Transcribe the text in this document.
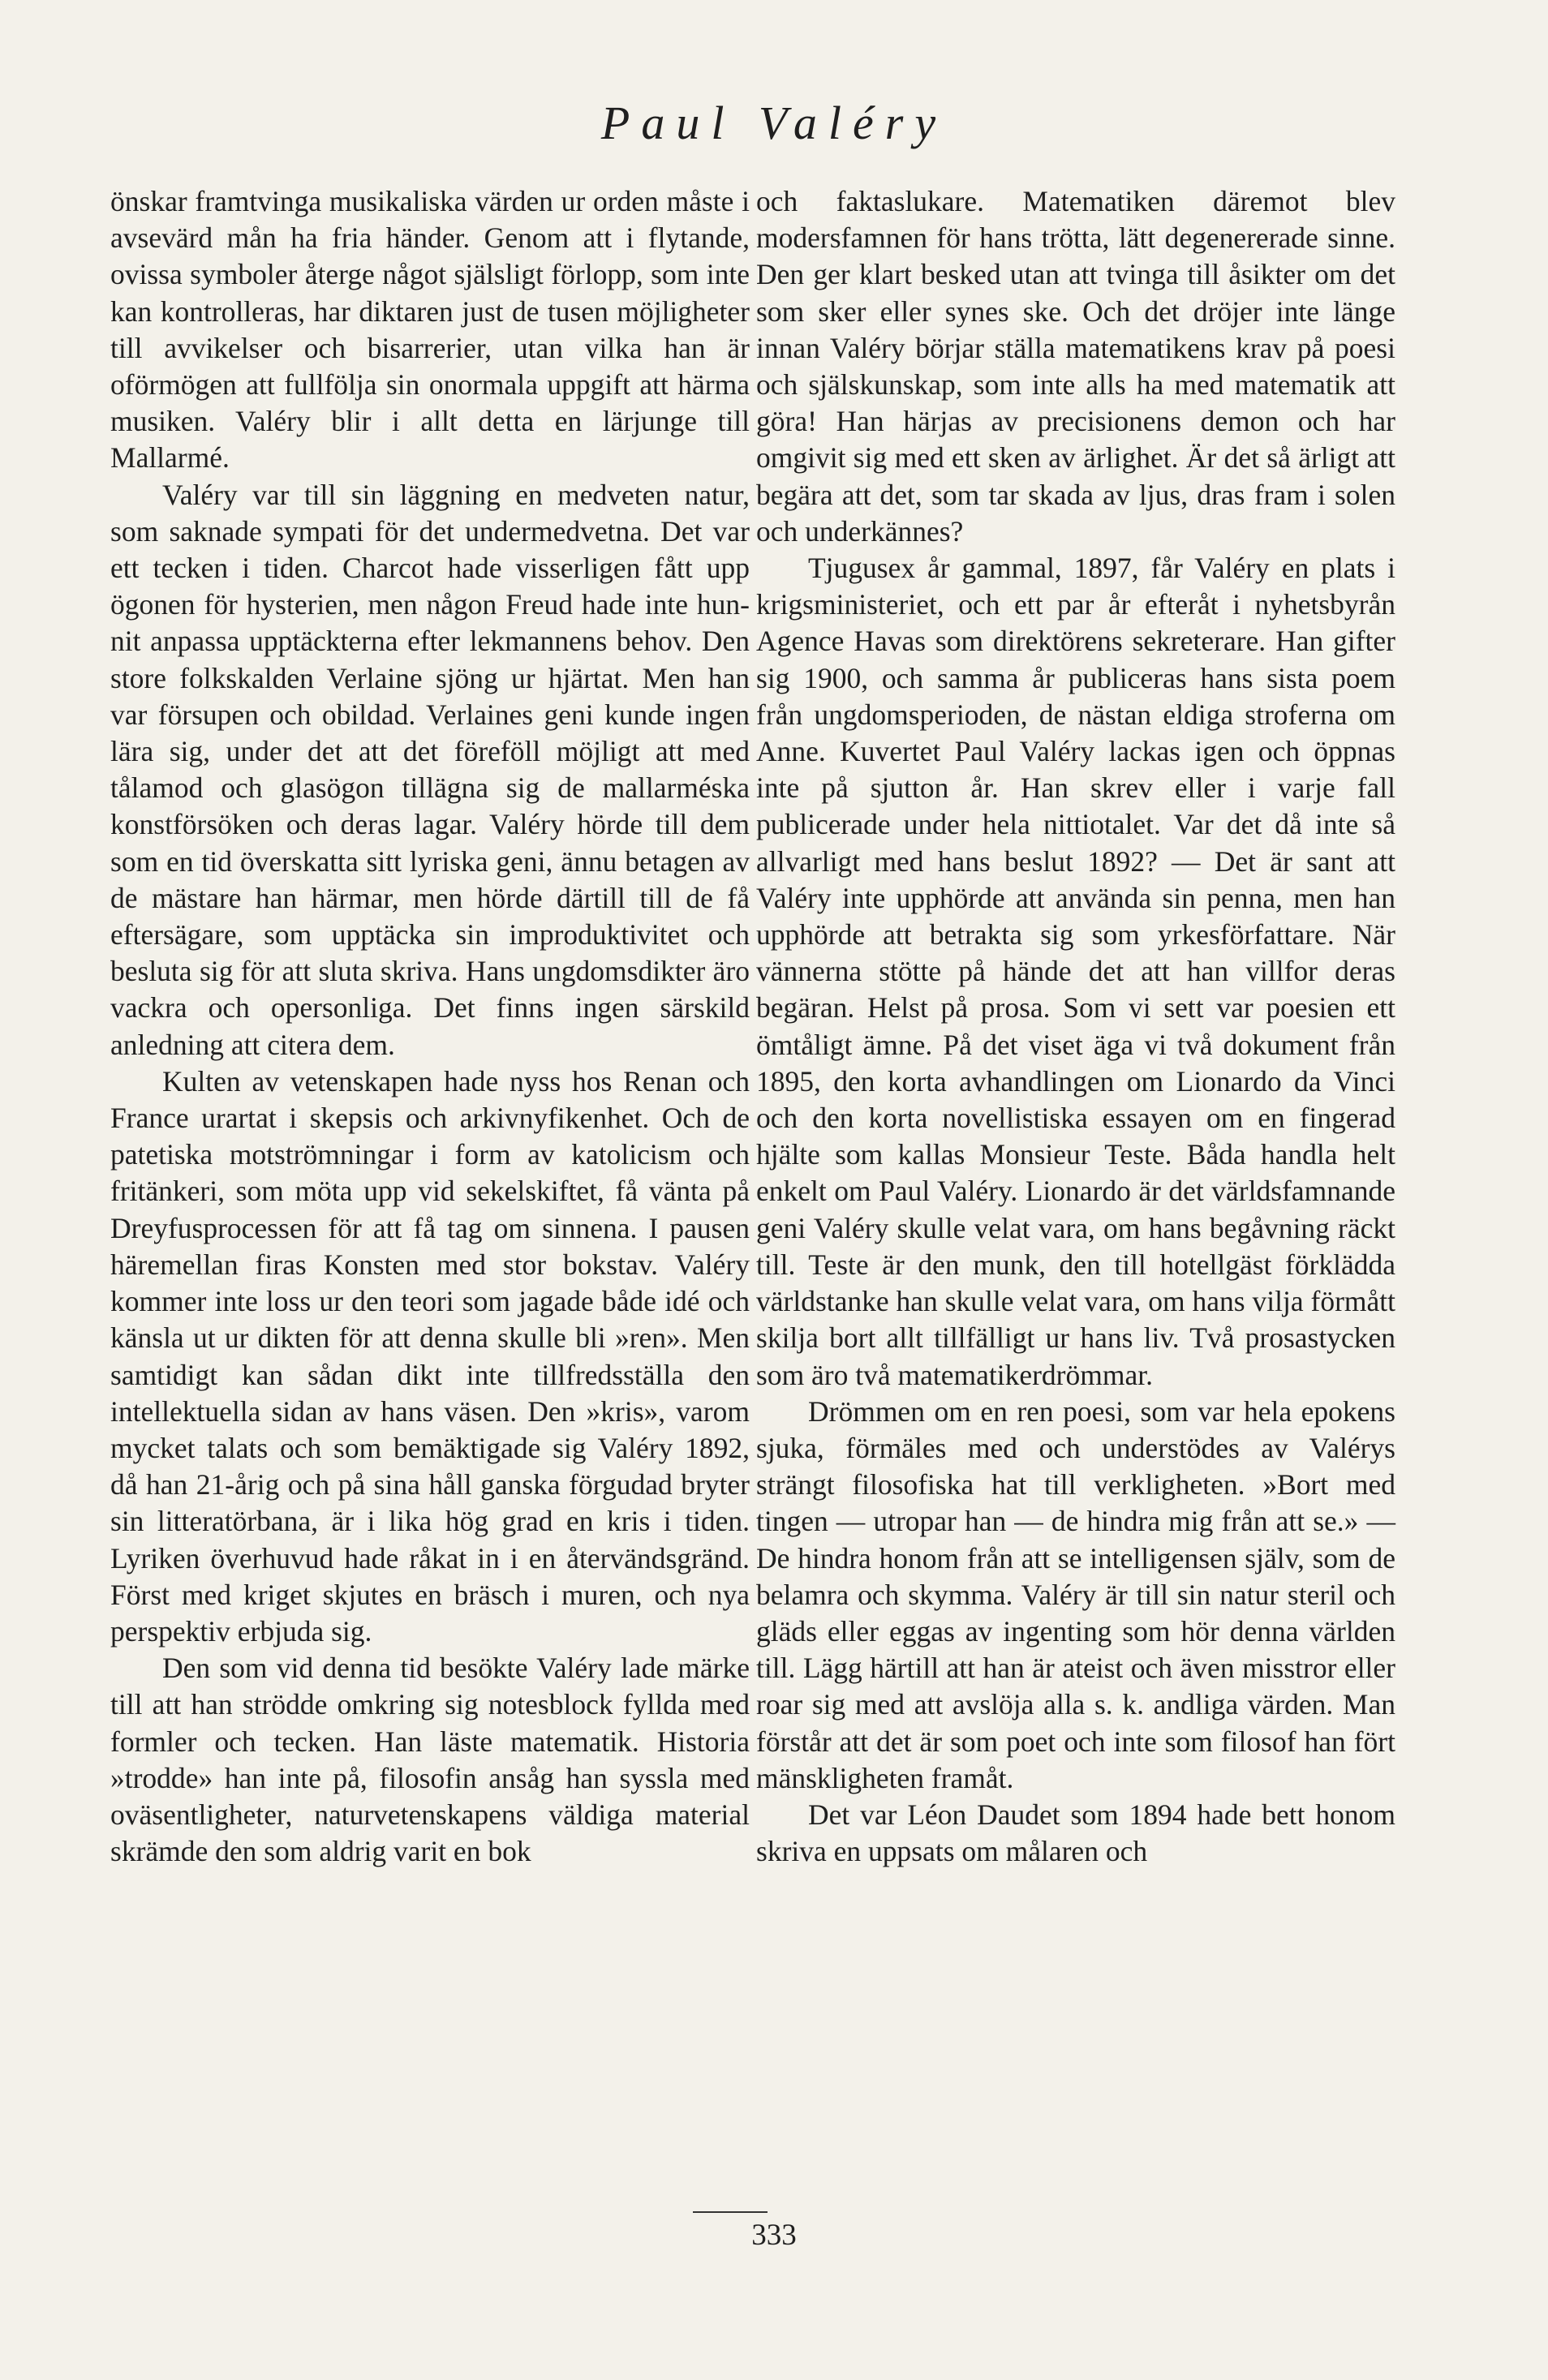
Paul Valéry

önskar framtvinga musikaliska värden ur orden måste i avsevärd mån ha fria händer. Genom att i flytande, ovissa symboler återge något själsligt förlopp, som inte kan kontrolleras, har diktaren just de tusen möjligheter till avvikelser och bisarrerier, utan vilka han är oförmögen att fullfölja sin onormala uppgift att härma musiken. Valéry blir i allt detta en lärjunge till Mallarmé.

Valéry var till sin läggning en medveten natur, som saknade sympati för det undermedvetna. Det var ett tecken i tiden. Charcot hade visserligen fått upp ögonen för hysterien, men någon Freud hade inte hunnit anpassa upptäckterna efter lekmannens behov. Den store folkskalden Verlaine sjöng ur hjärtat. Men han var försupen och obildad. Verlaines geni kunde ingen lära sig, under det att det föreföll möjligt att med tålamod och glasögon tillägna sig de mallarméska konstförsöken och deras lagar. Valéry hörde till dem som en tid överskatta sitt lyriska geni, ännu betagen av de mästare han härmar, men hörde därtill till de få eftersägare, som upptäcka sin improduktivitet och besluta sig för att sluta skriva. Hans ungdomsdikter äro vackra och opersonliga. Det finns ingen särskild anledning att citera dem.

Kulten av vetenskapen hade nyss hos Renan och France urartat i skepsis och arkivnyfikenhet. Och de patetiska motströmningar i form av katolicism och fritänkeri, som möta upp vid sekelskiftet, få vänta på Dreyfusprocessen för att få tag om sinnena. I pausen häremellan firas Konsten med stor bokstav. Valéry kommer inte loss ur den teori som jagade både idé och känsla ut ur dikten för att denna skulle bli »ren». Men samtidigt kan sådan dikt inte tillfredsställa den intellektuella sidan av hans väsen. Den »kris», varom mycket talats och som bemäktigade sig Valéry 1892, då han 21-årig och på sina håll ganska förgudad bryter sin litteratörbana, är i lika hög grad en kris i tiden. Lyriken överhuvud hade råkat in i en återvändsgränd. Först med kriget skjutes en bräsch i muren, och nya perspektiv erbjuda sig.

Den som vid denna tid besökte Valéry lade märke till att han strödde omkring sig notesblock fyllda med formler och tecken. Han läste matematik. Historia »trodde» han inte på, filosofin ansåg han syssla med oväsentligheter, naturvetenskapens väldiga material skrämde den som aldrig varit en bok

och faktaslukare. Matematiken däremot blev modersfamnen för hans trötta, lätt degenererade sinne. Den ger klart besked utan att tvinga till åsikter om det som sker eller synes ske. Och det dröjer inte länge innan Valéry börjar ställa matematikens krav på poesi och själskunskap, som inte alls ha med matematik att göra! Han härjas av precisionens demon och har omgivit sig med ett sken av ärlighet. Är det så ärligt att begära att det, som tar skada av ljus, dras fram i solen och underkännes?

Tjugusex år gammal, 1897, får Valéry en plats i krigsministeriet, och ett par år efteråt i nyhetsbyrån Agence Havas som direktörens sekreterare. Han gifter sig 1900, och samma år publiceras hans sista poem från ungdomsperioden, de nästan eldiga stroferna om Anne. Kuvertet Paul Valéry lackas igen och öppnas inte på sjutton år. Han skrev eller i varje fall publicerade under hela nittiotalet. Var det då inte så allvarligt med hans beslut 1892? — Det är sant att Valéry inte upphörde att använda sin penna, men han upphörde att betrakta sig som yrkesförfattare. När vännerna stötte på hände det att han villfor deras begäran. Helst på prosa. Som vi sett var poesien ett ömtåligt ämne. På det viset äga vi två dokument från 1895, den korta avhandlingen om Lionardo da Vinci och den korta novellistiska essayen om en fingerad hjälte som kallas Monsieur Teste. Båda handla helt enkelt om Paul Valéry. Lionardo är det världsfamnande geni Valéry skulle velat vara, om hans begåvning räckt till. Teste är den munk, den till hotellgäst förklädda världstanke han skulle velat vara, om hans vilja förmått skilja bort allt tillfälligt ur hans liv. Två prosastycken som äro två matematikerdrömmar.

Drömmen om en ren poesi, som var hela epokens sjuka, förmäles med och understödes av Valérys strängt filosofiska hat till verkligheten. »Bort med tingen — utropar han — de hindra mig från att se.» — De hindra honom från att se intelligensen själv, som de belamra och skymma. Valéry är till sin natur steril och gläds eller eggas av ingenting som hör denna världen till. Lägg härtill att han är ateist och även misstror eller roar sig med att avslöja alla s. k. andliga värden. Man förstår att det är som poet och inte som filosof han fört mänskligheten framåt.

Det var Léon Daudet som 1894 hade bett honom skriva en uppsats om målaren och

333
